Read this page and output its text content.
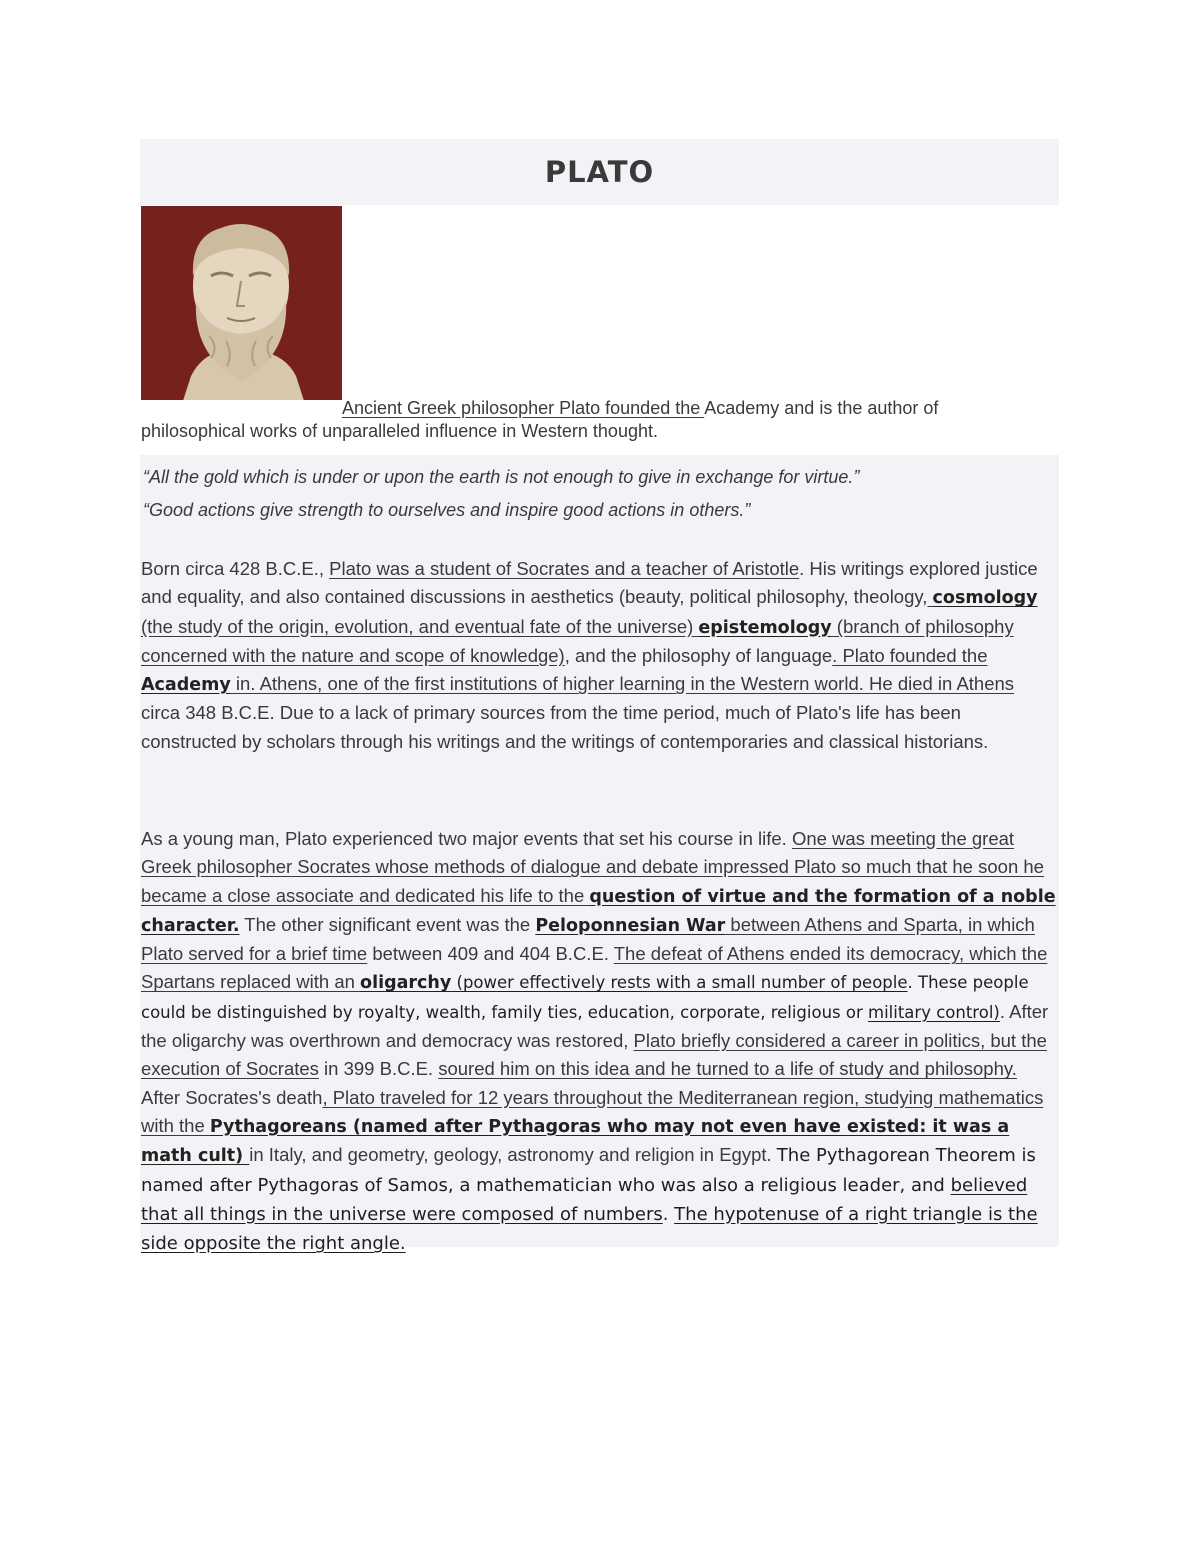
PLATO
Ancient Greek philosopher Plato founded the Academy and is the author of philosophical works of unparalleled influence in Western thought.
“All the gold which is under or upon the earth is not enough to give in exchange for virtue.”
“Good actions give strength to ourselves and inspire good actions in others.”

Born circa 428 B.C.E., Plato was a student of Socrates and a teacher of Aristotle. His writings explored justice and equality, and also contained discussions in aesthetics (beauty, political philosophy, theology, cosmology (the study of the origin, evolution, and eventual fate of the universe) epistemology (branch of philosophy concerned with the nature and scope of knowledge), and the philosophy of language. Plato founded the Academy in. Athens, one of the first institutions of higher learning in the Western world. He died in Athens circa 348 B.C.E. Due to a lack of primary sources from the time period, much of Plato's life has been constructed by scholars through his writings and the writings of contemporaries and classical historians.

As a young man, Plato experienced two major events that set his course in life. One was meeting the great Greek philosopher Socrates whose methods of dialogue and debate impressed Plato so much that he soon he became a close associate and dedicated his life to the question of virtue and the formation of a noble character. The other significant event was the Peloponnesian War between Athens and Sparta, in which Plato served for a brief time between 409 and 404 B.C.E. The defeat of Athens ended its democracy, which the Spartans replaced with an oligarchy (power effectively rests with a small number of people. These people could be distinguished by royalty, wealth, family ties, education, corporate, religious or military control). After the oligarchy was overthrown and democracy was restored, Plato briefly considered a career in politics, but the execution of Socrates in 399 B.C.E. soured him on this idea and he turned to a life of study and philosophy. After Socrates's death, Plato traveled for 12 years throughout the Mediterranean region, studying mathematics with the Pythagoreans (named after Pythagoras who may not even have existed: it was a math cult) in Italy, and geometry, geology, astronomy and religion in Egypt. The Pythagorean Theorem is named after Pythagoras of Samos, a mathematician who was also a religious leader, and believed that all things in the universe were composed of numbers. The hypotenuse of a right triangle is the side opposite the right angle.
